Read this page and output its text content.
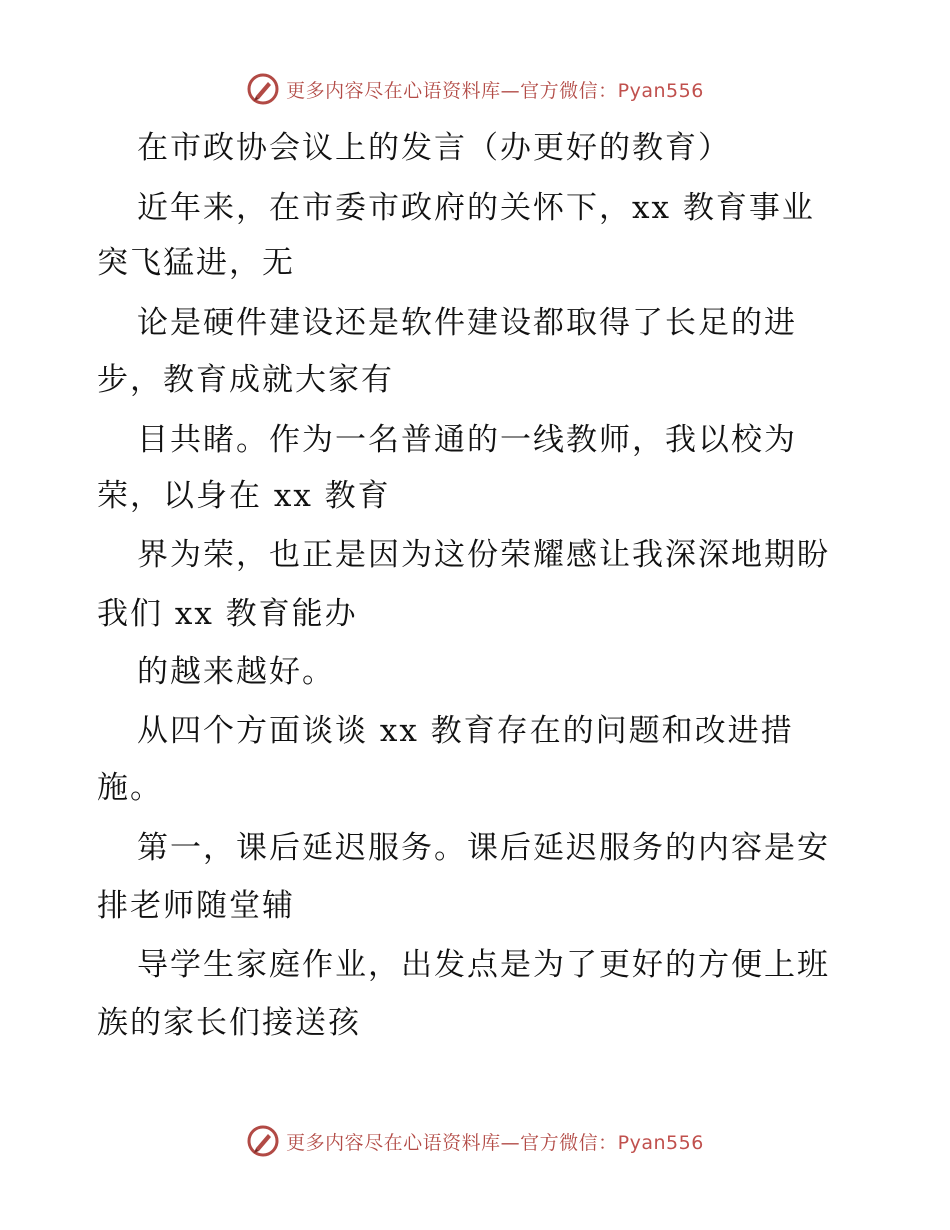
更多内容尽在心语资料库—官方微信：Pyan556
在市政协会议上的发言（办更好的教育）
近年来，在市委市政府的关怀下，xx 教育事业
突飞猛进，无
论是硬件建设还是软件建设都取得了长足的进
步，教育成就大家有
目共睹。作为一名普通的一线教师，我以校为
荣，以身在 xx 教育
界为荣，也正是因为这份荣耀感让我深深地期盼
我们 xx 教育能办
的越来越好。
从四个方面谈谈 xx 教育存在的问题和改进措
施。
第一，课后延迟服务。课后延迟服务的内容是安
排老师随堂辅
导学生家庭作业，出发点是为了更好的方便上班
族的家长们接送孩
更多内容尽在心语资料库—官方微信：Pyan556
